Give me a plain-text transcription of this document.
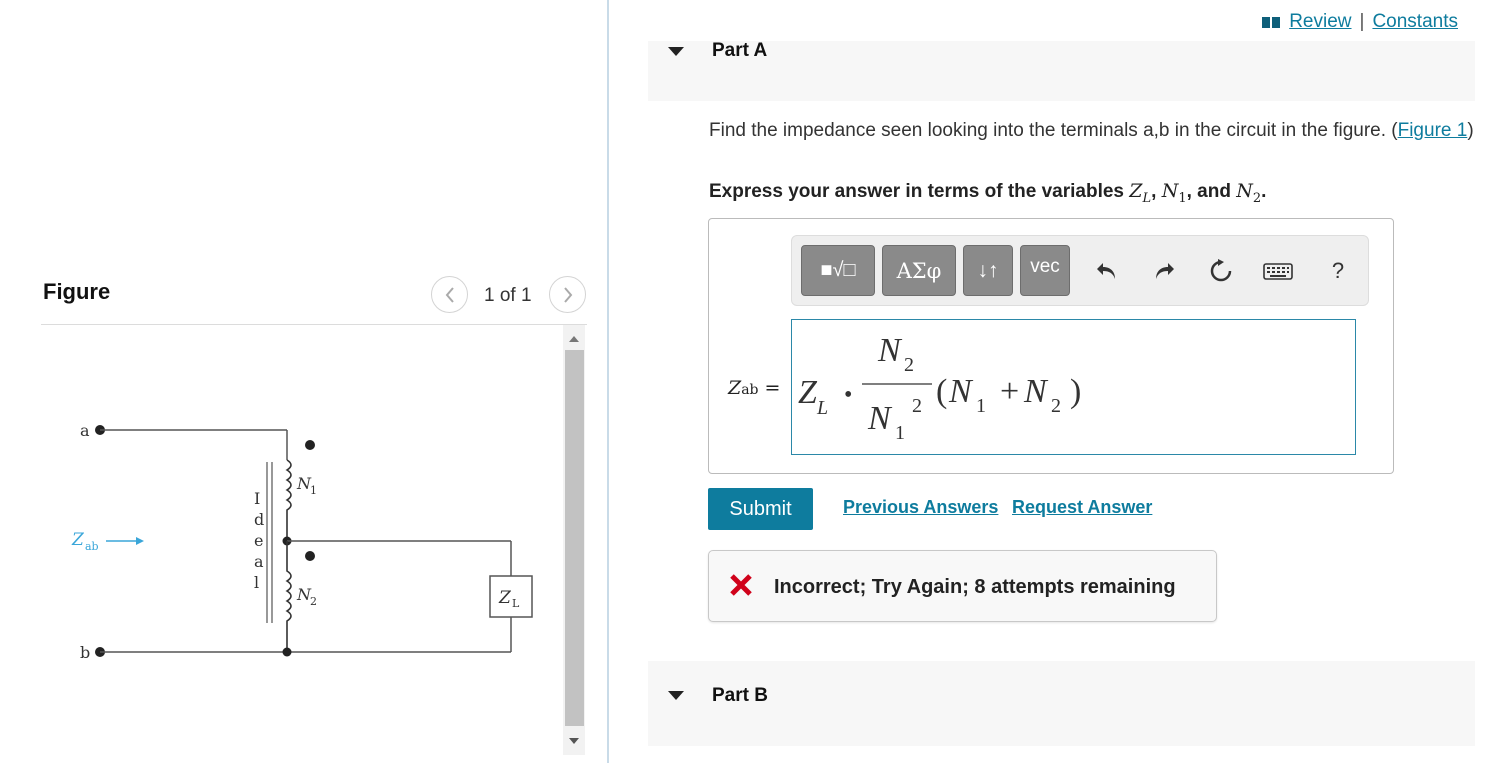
Figure	1 of 1
a
N 1
I
d
e
a
l
N 2
Z ab
Z L
b
Review | Constants
Part A
Find the impedance seen looking into the terminals a,b in the circuit in the figure. (Figure 1)
Express your answer in terms of the variables $Z_L$, $N_1$, and $N_2$.
■√□ ΑΣφ ↓↑ vec	?
Zab = Z L •
N 2
N 1
2 ( N 1 + N 2 )
Submit	Previous Answers Request Answer
Incorrect; Try Again; 8 attempts remaining
Part B
